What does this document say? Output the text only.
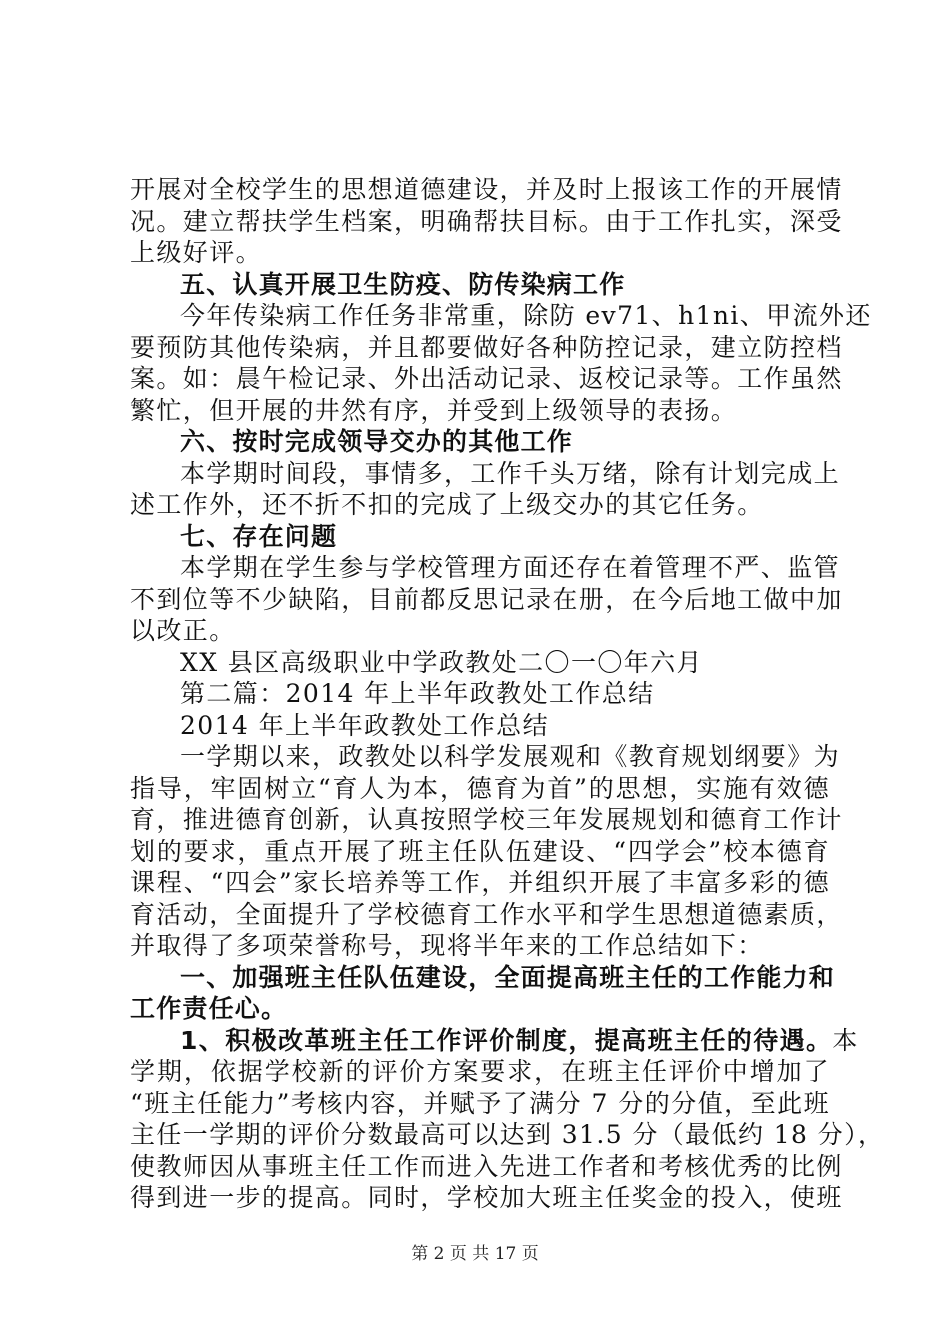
开展对全校学生的思想道德建设，并及时上报该工作的开展情
况。建立帮扶学生档案，明确帮扶目标。由于工作扎实，深受
上级好评。
五、认真开展卫生防疫、防传染病工作
今年传染病工作任务非常重，除防 ev71、h1ni、甲流外还
要预防其他传染病，并且都要做好各种防控记录，建立防控档
案。如：晨午检记录、外出活动记录、返校记录等。工作虽然
繁忙，但开展的井然有序，并受到上级领导的表扬。
六、按时完成领导交办的其他工作
本学期时间段，事情多，工作千头万绪，除有计划完成上
述工作外，还不折不扣的完成了上级交办的其它任务。
七、存在问题
本学期在学生参与学校管理方面还存在着管理不严、监管
不到位等不少缺陷，目前都反思记录在册，在今后地工做中加
以改正。
XX 县区高级职业中学政教处二〇一〇年六月
第二篇：2014 年上半年政教处工作总结
2014 年上半年政教处工作总结
一学期以来，政教处以科学发展观和《教育规划纲要》为
指导，牢固树立“育人为本，德育为首”的思想，实施有效德
育，推进德育创新，认真按照学校三年发展规划和德育工作计
划的要求，重点开展了班主任队伍建设、“四学会”校本德育
课程、“四会”家长培养等工作，并组织开展了丰富多彩的德
育活动，全面提升了学校德育工作水平和学生思想道德素质，
并取得了多项荣誉称号，现将半年来的工作总结如下：
一、加强班主任队伍建设，全面提高班主任的工作能力和
工作责任心。
1、积极改革班主任工作评价制度，提高班主任的待遇。本
学期，依据学校新的评价方案要求，在班主任评价中增加了
“班主任能力”考核内容，并赋予了满分 7 分的分值，至此班
主任一学期的评价分数最高可以达到 31.5 分（最低约 18 分），
使教师因从事班主任工作而进入先进工作者和考核优秀的比例
得到进一步的提高。同时，学校加大班主任奖金的投入，使班
第 2 页 共 17 页
